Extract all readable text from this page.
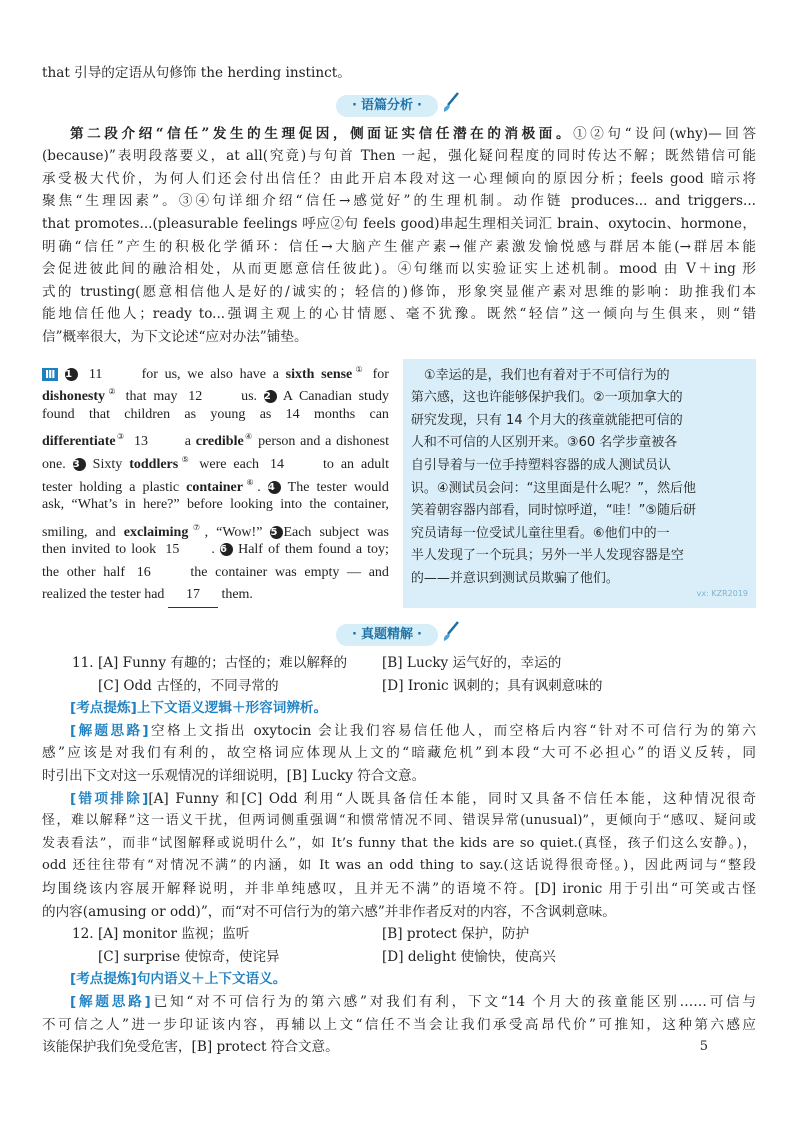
that 引导的定语从句修饰 the herding instinct。
· 语篇分析 ·
第二段介绍“信任”发生的生理促因，侧面证实信任潜在的消极面。①②句“设问(why)—回答
(because)”表明段落要义，at all(究竟)与句首 Then 一起，强化疑问程度的同时传达不解；既然错信可能
承受极大代价，为何人们还会付出信任？由此开启本段对这一心理倾向的原因分析；feels good 暗示将
聚焦“生理因素”。③④句详细介绍“信任→感觉好”的生理机制。动作链 produces... and triggers...
that promotes...(pleasurable feelings 呼应②句 feels good)串起生理相关词汇 brain、oxytocin、hormone，
明确“信任”产生的积极化学循环：信任→大脑产生催产素→催产素激发愉悦感与群居本能(→群居本能
会促进彼此间的融洽相处，从而更愿意信任彼此)。④句继而以实验证实上述机制。mood 由 V＋ing 形
式的 trusting(愿意相信他人是好的/诚实的；轻信的)修饰，形象突显催产素对思维的影响：助推我们本
能地信任他人；ready to...强调主观上的心甘情愿、毫不犹豫。既然“轻信”这一倾向与生俱来，则“错
信”概率很大，为下文论述“应对办法”铺垫。
Ⅲ 1 11	for us, we also have a sixth sense① for
dishonesty② that may 12	us. 2 A Canadian study
found that children as young as 14 months can
differentiate③ 13	a credible④ person and a dishonest
one. 3 Sixty toddlers⑤ were each 14	to an adult
tester holding a plastic container⑥. 4 The tester would
ask, “What’s in here?” before looking into the container,
smiling, and exclaiming⑦, “Wow!” 5 Each subject was
then invited to look 15 . 6 Half of them found a toy;
the other half 16	the container was empty — and
realized the tester had 17 them.
　①幸运的是，我们也有着对于不可信行为的
第六感，这也许能够保护我们。②一项加拿大的
研究发现，只有 14 个月大的孩童就能把可信的
人和不可信的人区别开来。③60 名学步童被各
自引导着与一位手持塑料容器的成人测试员认
识。④测试员会问：“这里面是什么呢？”，然后他
笑着朝容器内部看，同时惊呼道，“哇！”⑤随后研
究员请每一位受试儿童往里看。⑥他们中的一
半人发现了一个玩具；另外一半人发现容器是空
的——并意识到测试员欺骗了他们。
vx: KZR2019
· 真题精解 ·
11. [A] Funny 有趣的；古怪的；难以解释的	[B] Lucky 运气好的，幸运的
[C] Odd 古怪的，不同寻常的	[D] Ironic 讽刺的；具有讽刺意味的
[考点提炼]上下文语义逻辑＋形容词辨析。
[解题思路]空格上文指出 oxytocin 会让我们容易信任他人，而空格后内容“针对不可信行为的第六
感”应该是对我们有利的，故空格词应体现从上文的“暗藏危机”到本段“大可不必担心”的语义反转，同
时引出下文对这一乐观情况的详细说明，[B] Lucky 符合文意。
[错项排除][A] Funny 和[C] Odd 利用“人既具备信任本能，同时又具备不信任本能，这种情况很奇
怪，难以解释”这一语义干扰，但两词侧重强调“和惯常情况不同、错误异常(unusual)”，更倾向于“感叹、疑问或
发表看法”，而非“试图解释或说明什么”，如 It’s funny that the kids are so quiet.(真怪，孩子们这么安静。)，
odd 还往往带有“对情况不满”的内涵，如 It was an odd thing to say.(这话说得很奇怪。)，因此两词与“整段
均围绕该内容展开解释说明，并非单纯感叹，且并无不满”的语境不符。[D] ironic 用于引出“可笑或古怪
的内容(amusing or odd)”，而“对不可信行为的第六感”并非作者反对的内容，不含讽刺意味。
12. [A] monitor 监视；监听	[B] protect 保护，防护
[C] surprise 使惊奇，使诧异	[D] delight 使愉快，使高兴
[考点提炼]句内语义＋上下文语义。
[解题思路]已知“对不可信行为的第六感”对我们有利，下文“14 个月大的孩童能区别……可信与
不可信之人”进一步印证该内容，再辅以上文“信任不当会让我们承受高昂代价”可推知，这种第六感应
该能保护我们免受危害，[B] protect 符合文意。	5
